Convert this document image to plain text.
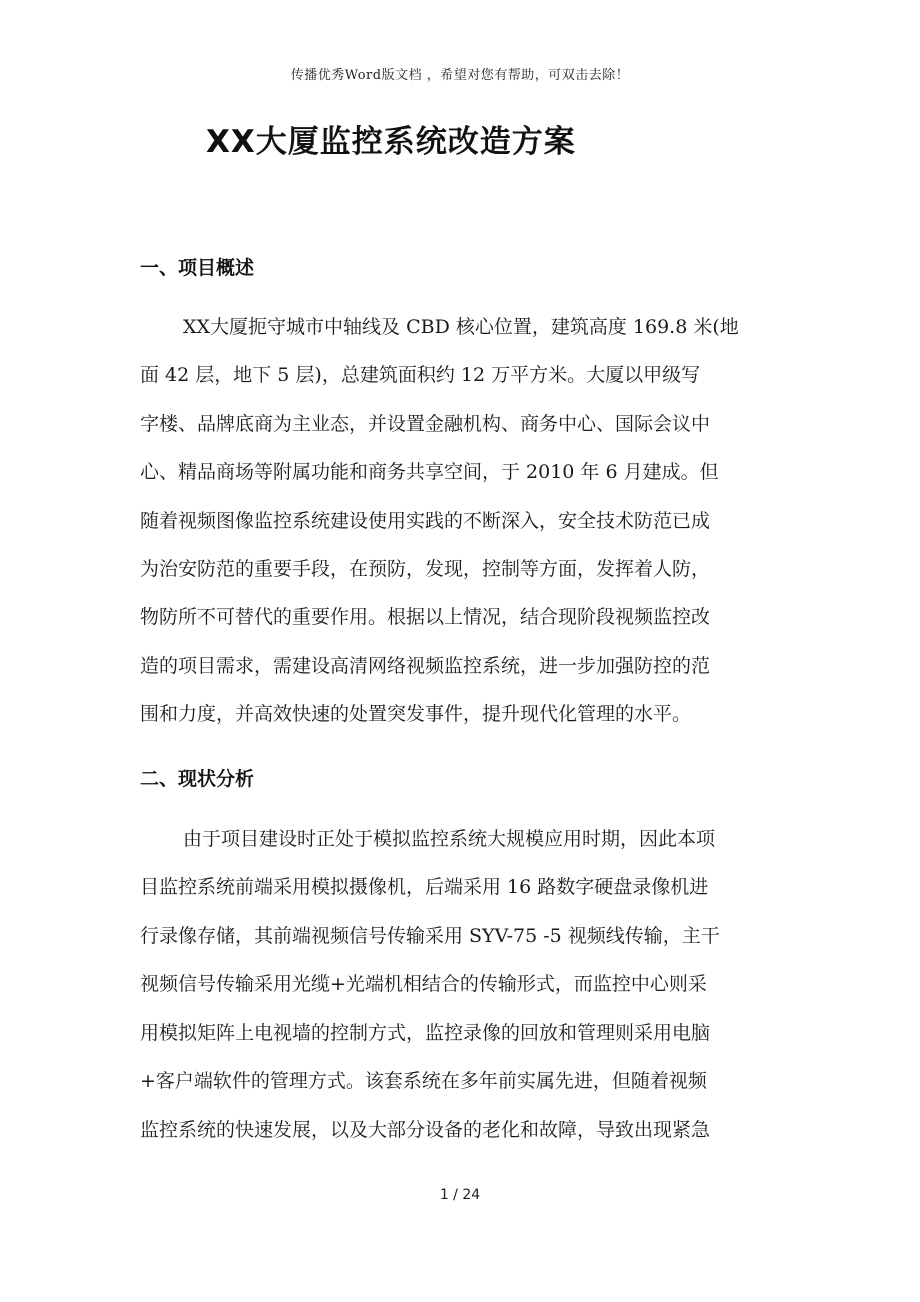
传播优秀Word版文档 ，希望对您有帮助，可双击去除！
XX大厦监控系统改造方案
一、项目概述
XX大厦扼守城市中轴线及 CBD 核心位置，建筑高度 169.8 米(地
面 42 层，地下 5 层)，总建筑面积约 12 万平方米。大厦以甲级写
字楼、品牌底商为主业态，并设置金融机构、商务中心、国际会议中
心、精品商场等附属功能和商务共享空间，于 2010 年 6 月建成。但
随着视频图像监控系统建设使用实践的不断深入，安全技术防范已成
为治安防范的重要手段，在预防，发现，控制等方面，发挥着人防，
物防所不可替代的重要作用。根据以上情况，结合现阶段视频监控改
造的项目需求，需建设高清网络视频监控系统，进一步加强防控的范
围和力度，并高效快速的处置突发事件，提升现代化管理的水平。
二、现状分析
由于项目建设时正处于模拟监控系统大规模应用时期，因此本项
目监控系统前端采用模拟摄像机，后端采用 16 路数字硬盘录像机进
行录像存储，其前端视频信号传输采用 SYV-75 -5 视频线传输，主干
视频信号传输采用光缆+光端机相结合的传输形式，而监控中心则采
用模拟矩阵上电视墙的控制方式，监控录像的回放和管理则采用电脑
+客户端软件的管理方式。该套系统在多年前实属先进，但随着视频
监控系统的快速发展，以及大部分设备的老化和故障，导致出现紧急
1 / 24
